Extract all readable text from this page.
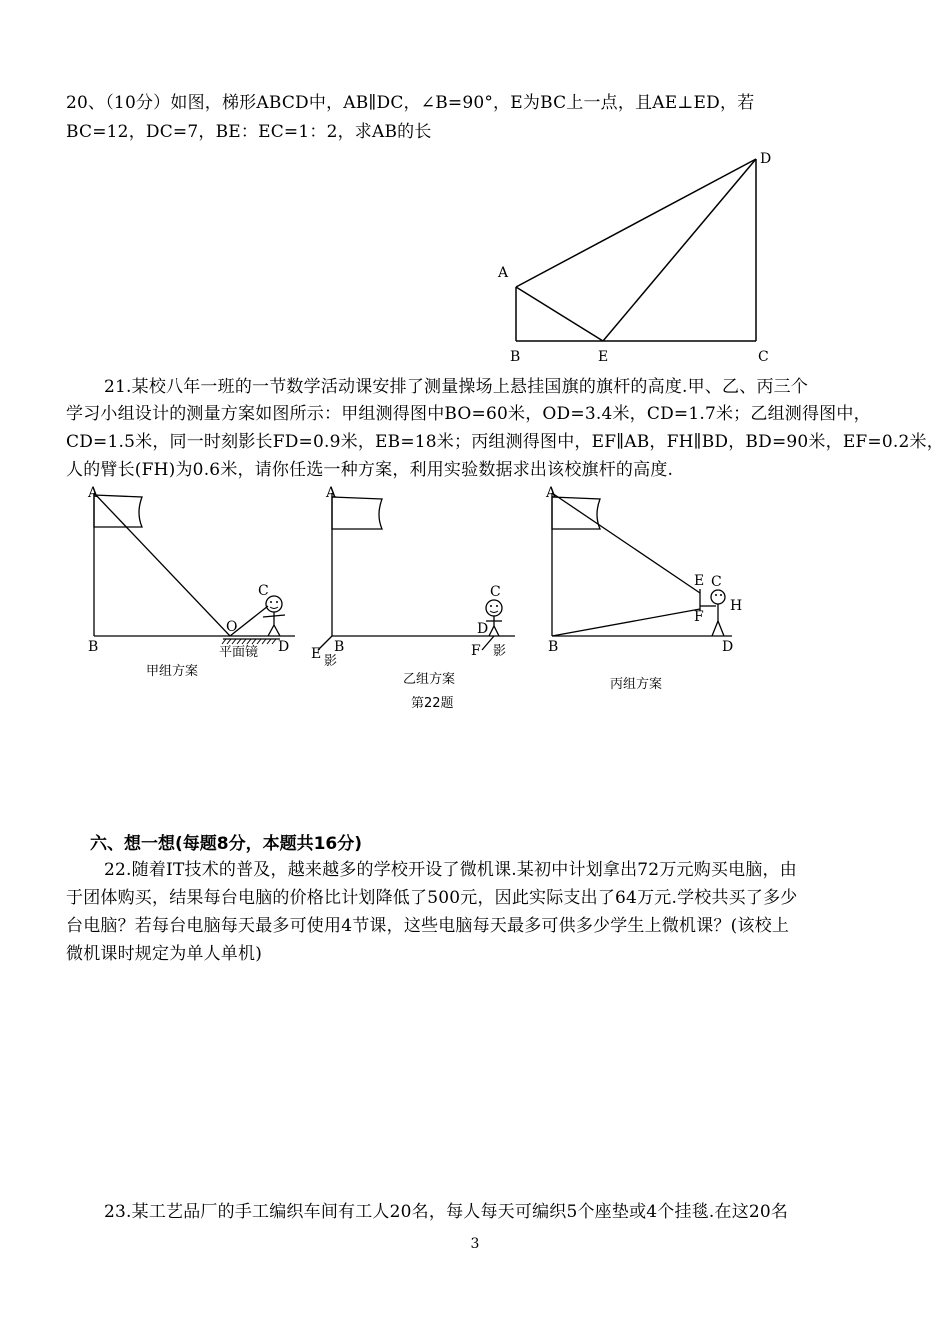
20、（10分）如图，梯形ABCD中，AB∥DC，∠B=90°，E为BC上一点，且AE⊥ED，若
BC=12，DC=7，BE：EC=1：2，求AB的长
A
B	E	C
D
21.某校八年一班的一节数学活动课安排了测量操场上悬挂国旗的旗杆的高度.甲、乙、丙三个
学习小组设计的测量方案如图所示：甲组测得图中BO=60米，OD=3.4米，CD=1.7米；乙组测得图中，
CD=1.5米，同一时刻影长FD=0.9米，EB=18米；丙组测得图中，EF∥AB，FH∥BD，BD=90米，EF=0.2米，
人的臂长(FH)为0.6米，请你任选一种方案，利用实验数据求出该校旗杆的高度.
A
B
O
C
D
平面镜
甲组方案
A
B
E 影
C
D
F 影
乙组方案
第22题
A
B	D
E
F
C
H
丙组方案
六、想一想(每题8分，本题共16分)
22.随着IT技术的普及，越来越多的学校开设了微机课.某初中计划拿出72万元购买电脑，由
于团体购买，结果每台电脑的价格比计划降低了500元，因此实际支出了64万元.学校共买了多少
台电脑？若每台电脑每天最多可使用4节课，这些电脑每天最多可供多少学生上微机课？(该校上
微机课时规定为单人单机)
23.某工艺品厂的手工编织车间有工人20名，每人每天可编织5个座垫或4个挂毯.在这20名
3
